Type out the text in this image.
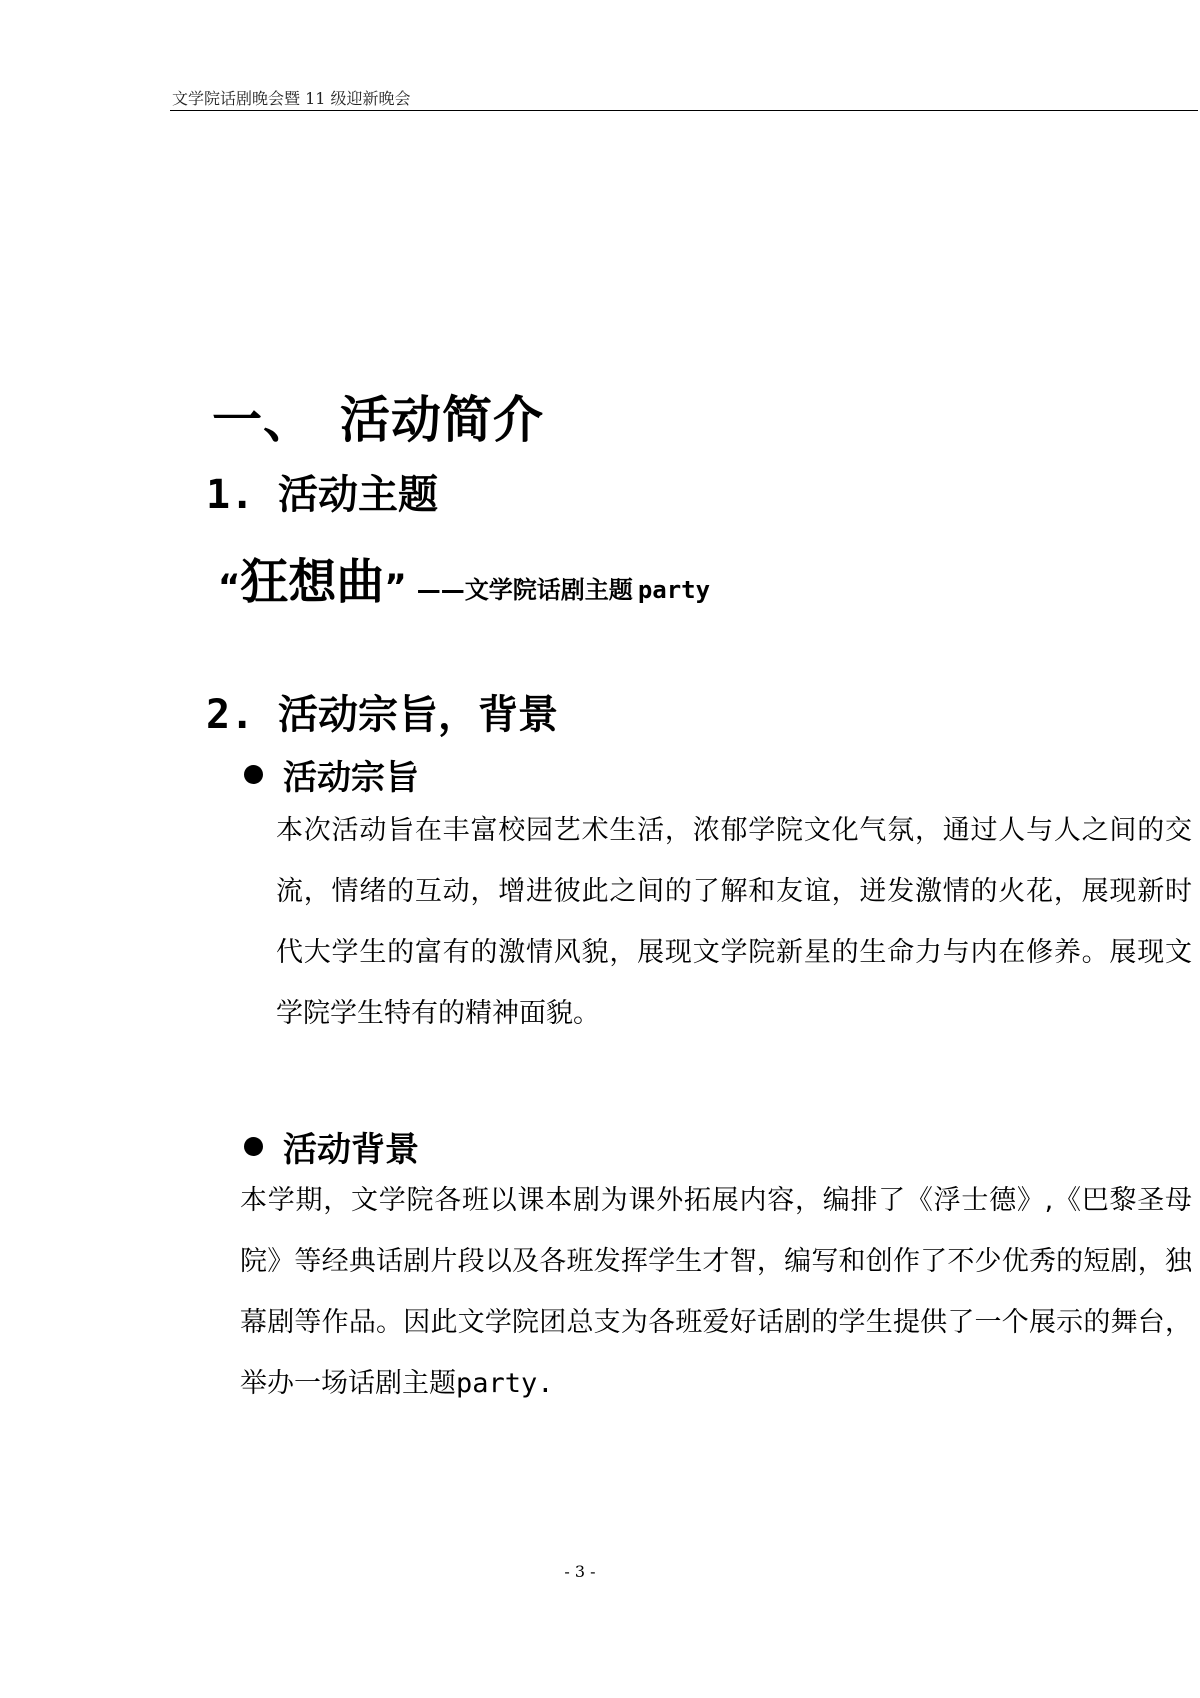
文学院话剧晚会暨 11 级迎新晚会
一、 活动简介
1. 活动主题
“狂想曲” ——文学院话剧主题 party
2. 活动宗旨，背景
活动宗旨
本次活动旨在丰富校园艺术生活，浓郁学院文化气氛，通过人与人之间的交流，情绪的互动，增进彼此之间的了解和友谊，迸发激情的火花，展现新时代大学生的富有的激情风貌，展现文学院新星的生命力与内在修养。展现文学院学生特有的精神面貌。
活动背景
本学期，文学院各班以课本剧为课外拓展内容，编排了《浮士德》,《巴黎圣母院》等经典话剧片段以及各班发挥学生才智，编写和创作了不少优秀的短剧，独幕剧等作品。因此文学院团总支为各班爱好话剧的学生提供了一个展示的舞台，举办一场话剧主题party.
- 3 -
